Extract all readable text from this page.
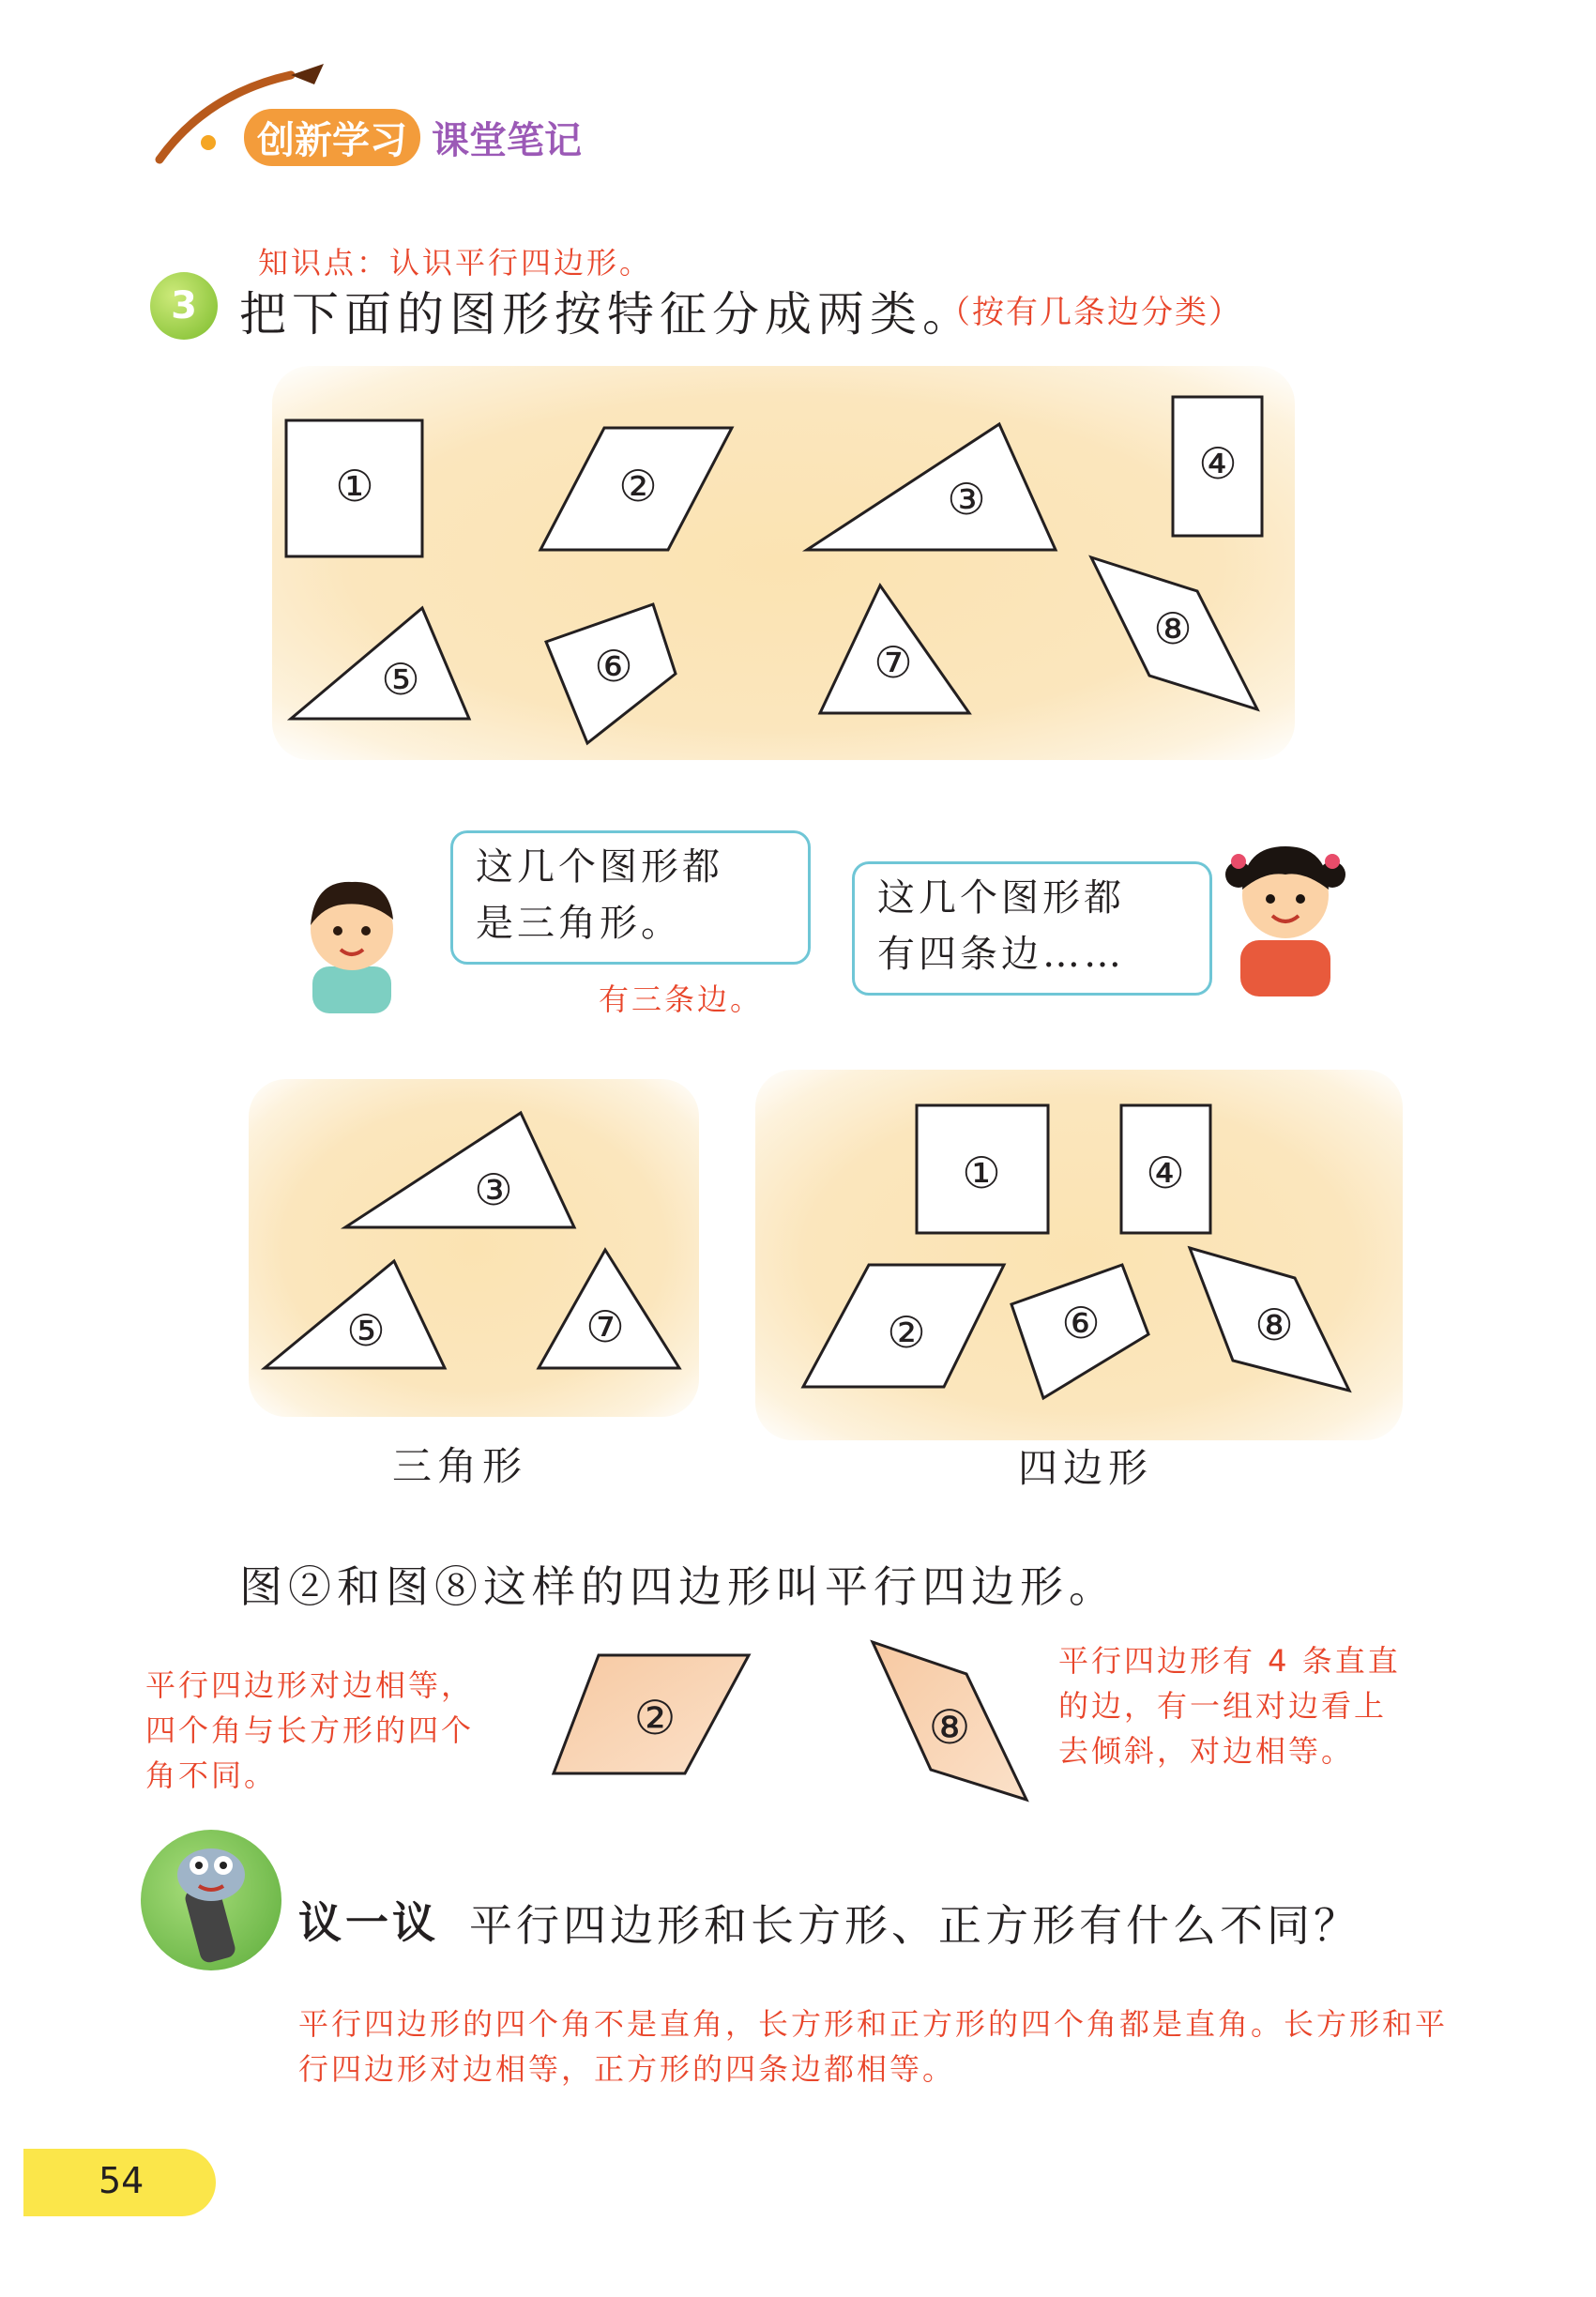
创新学习 课堂笔记
知识点：认识平行四边形。
3 把下面的图形按特征分成两类。
（按有几条边分类）
①	②	③
④
⑤	⑥	⑦
⑧
这几个图形都
是三角形。
有三条边。
这几个图形都
有四条边……
③
⑤	⑦
①	④
②	⑥	⑧
三角形	四边形
图②和图⑧这样的四边形叫平行四边形。
平行四边形对边相等，
四个角与长方形的四个
角不同。
②	⑧
平行四边形有 4 条直直
的边，有一组对边看上
去倾斜，对边相等。
议一议 平行四边形和长方形、正方形有什么不同？
平行四边形的四个角不是直角，长方形和正方形的四个角都是直角。长方形和平行四边形对边相等，正方形的四条边都相等。
54
